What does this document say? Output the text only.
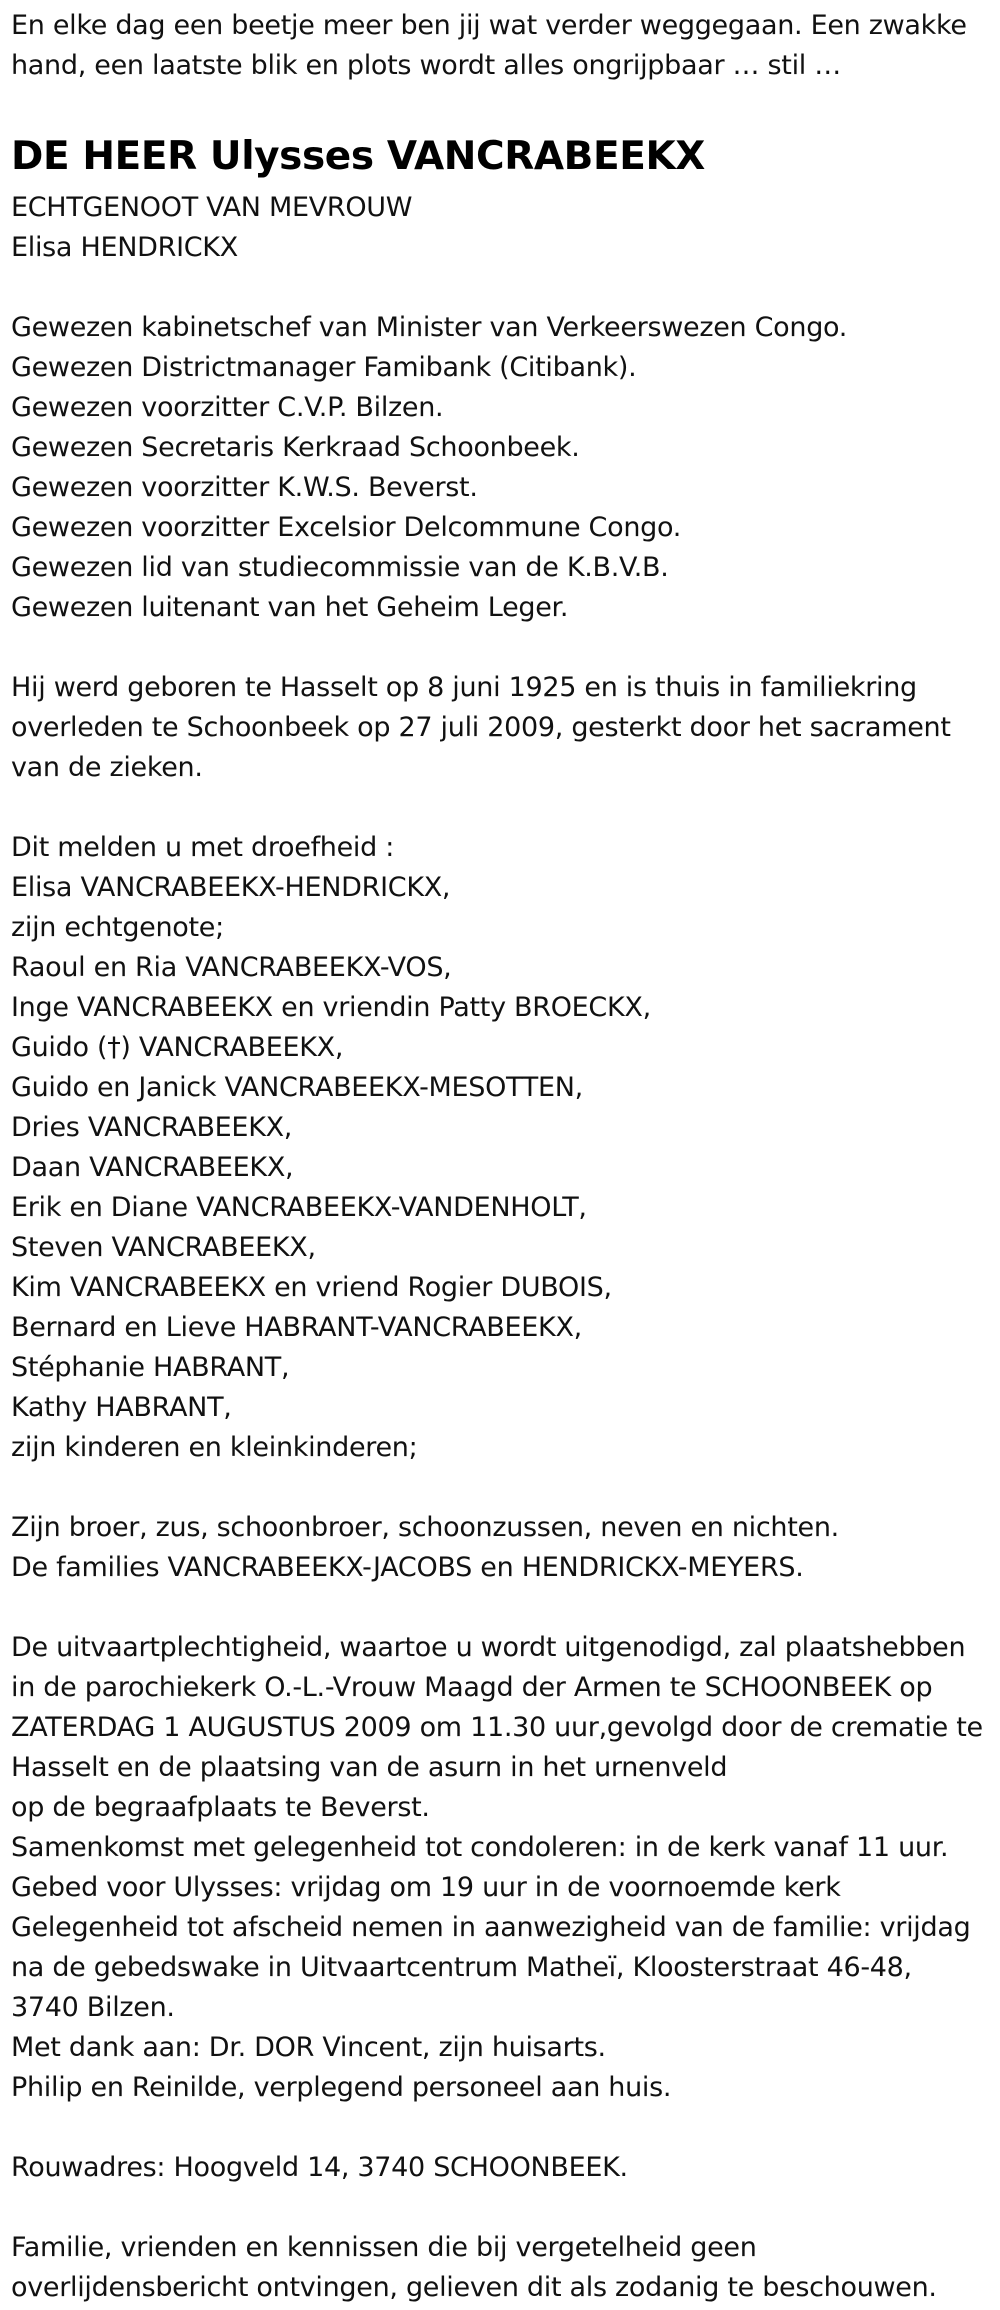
En elke dag een beetje meer ben jij wat verder weggegaan. Een zwakke
hand, een laatste blik en plots wordt alles ongrijpbaar … stil …
DE HEER Ulysses VANCRABEEKX
ECHTGENOOT VAN MEVROUW
Elisa HENDRICKX
Gewezen kabinetschef van Minister van Verkeerswezen Congo.
Gewezen Districtmanager Famibank (Citibank).
Gewezen voorzitter C.V.P. Bilzen.
Gewezen Secretaris Kerkraad Schoonbeek.
Gewezen voorzitter K.W.S. Beverst.
Gewezen voorzitter Excelsior Delcommune Congo.
Gewezen lid van studiecommissie van de K.B.V.B.
Gewezen luitenant van het Geheim Leger.
Hij werd geboren te Hasselt op 8 juni 1925 en is thuis in familiekring
overleden te Schoonbeek op 27 juli 2009, gesterkt door het sacrament
van de zieken.
Dit melden u met droefheid :
Elisa VANCRABEEKX-HENDRICKX,
zijn echtgenote;
Raoul en Ria VANCRABEEKX-VOS,
Inge VANCRABEEKX en vriendin Patty BROECKX,
Guido (†) VANCRABEEKX,
Guido en Janick VANCRABEEKX-MESOTTEN,
Dries VANCRABEEKX,
Daan VANCRABEEKX,
Erik en Diane VANCRABEEKX-VANDENHOLT,
Steven VANCRABEEKX,
Kim VANCRABEEKX en vriend Rogier DUBOIS,
Bernard en Lieve HABRANT-VANCRABEEKX,
Stéphanie HABRANT,
Kathy HABRANT,
zijn kinderen en kleinkinderen;
Zijn broer, zus, schoonbroer, schoonzussen, neven en nichten.
De families VANCRABEEKX-JACOBS en HENDRICKX-MEYERS.
De uitvaartplechtigheid, waartoe u wordt uitgenodigd, zal plaatshebben
in de parochiekerk O.-L.-Vrouw Maagd der Armen te SCHOONBEEK op
ZATERDAG 1 AUGUSTUS 2009 om 11.30 uur,gevolgd door de crematie te
Hasselt en de plaatsing van de asurn in het urnenveld
op de begraafplaats te Beverst.
Samenkomst met gelegenheid tot condoleren: in de kerk vanaf 11 uur.
Gebed voor Ulysses: vrijdag om 19 uur in de voornoemde kerk
Gelegenheid tot afscheid nemen in aanwezigheid van de familie: vrijdag
na de gebedswake in Uitvaartcentrum Matheï, Kloosterstraat 46-48,
3740 Bilzen.
Met dank aan: Dr. DOR Vincent, zijn huisarts.
Philip en Reinilde, verplegend personeel aan huis.
Rouwadres: Hoogveld 14, 3740 SCHOONBEEK.
Familie, vrienden en kennissen die bij vergetelheid geen
overlijdensbericht ontvingen, gelieven dit als zodanig te beschouwen.
